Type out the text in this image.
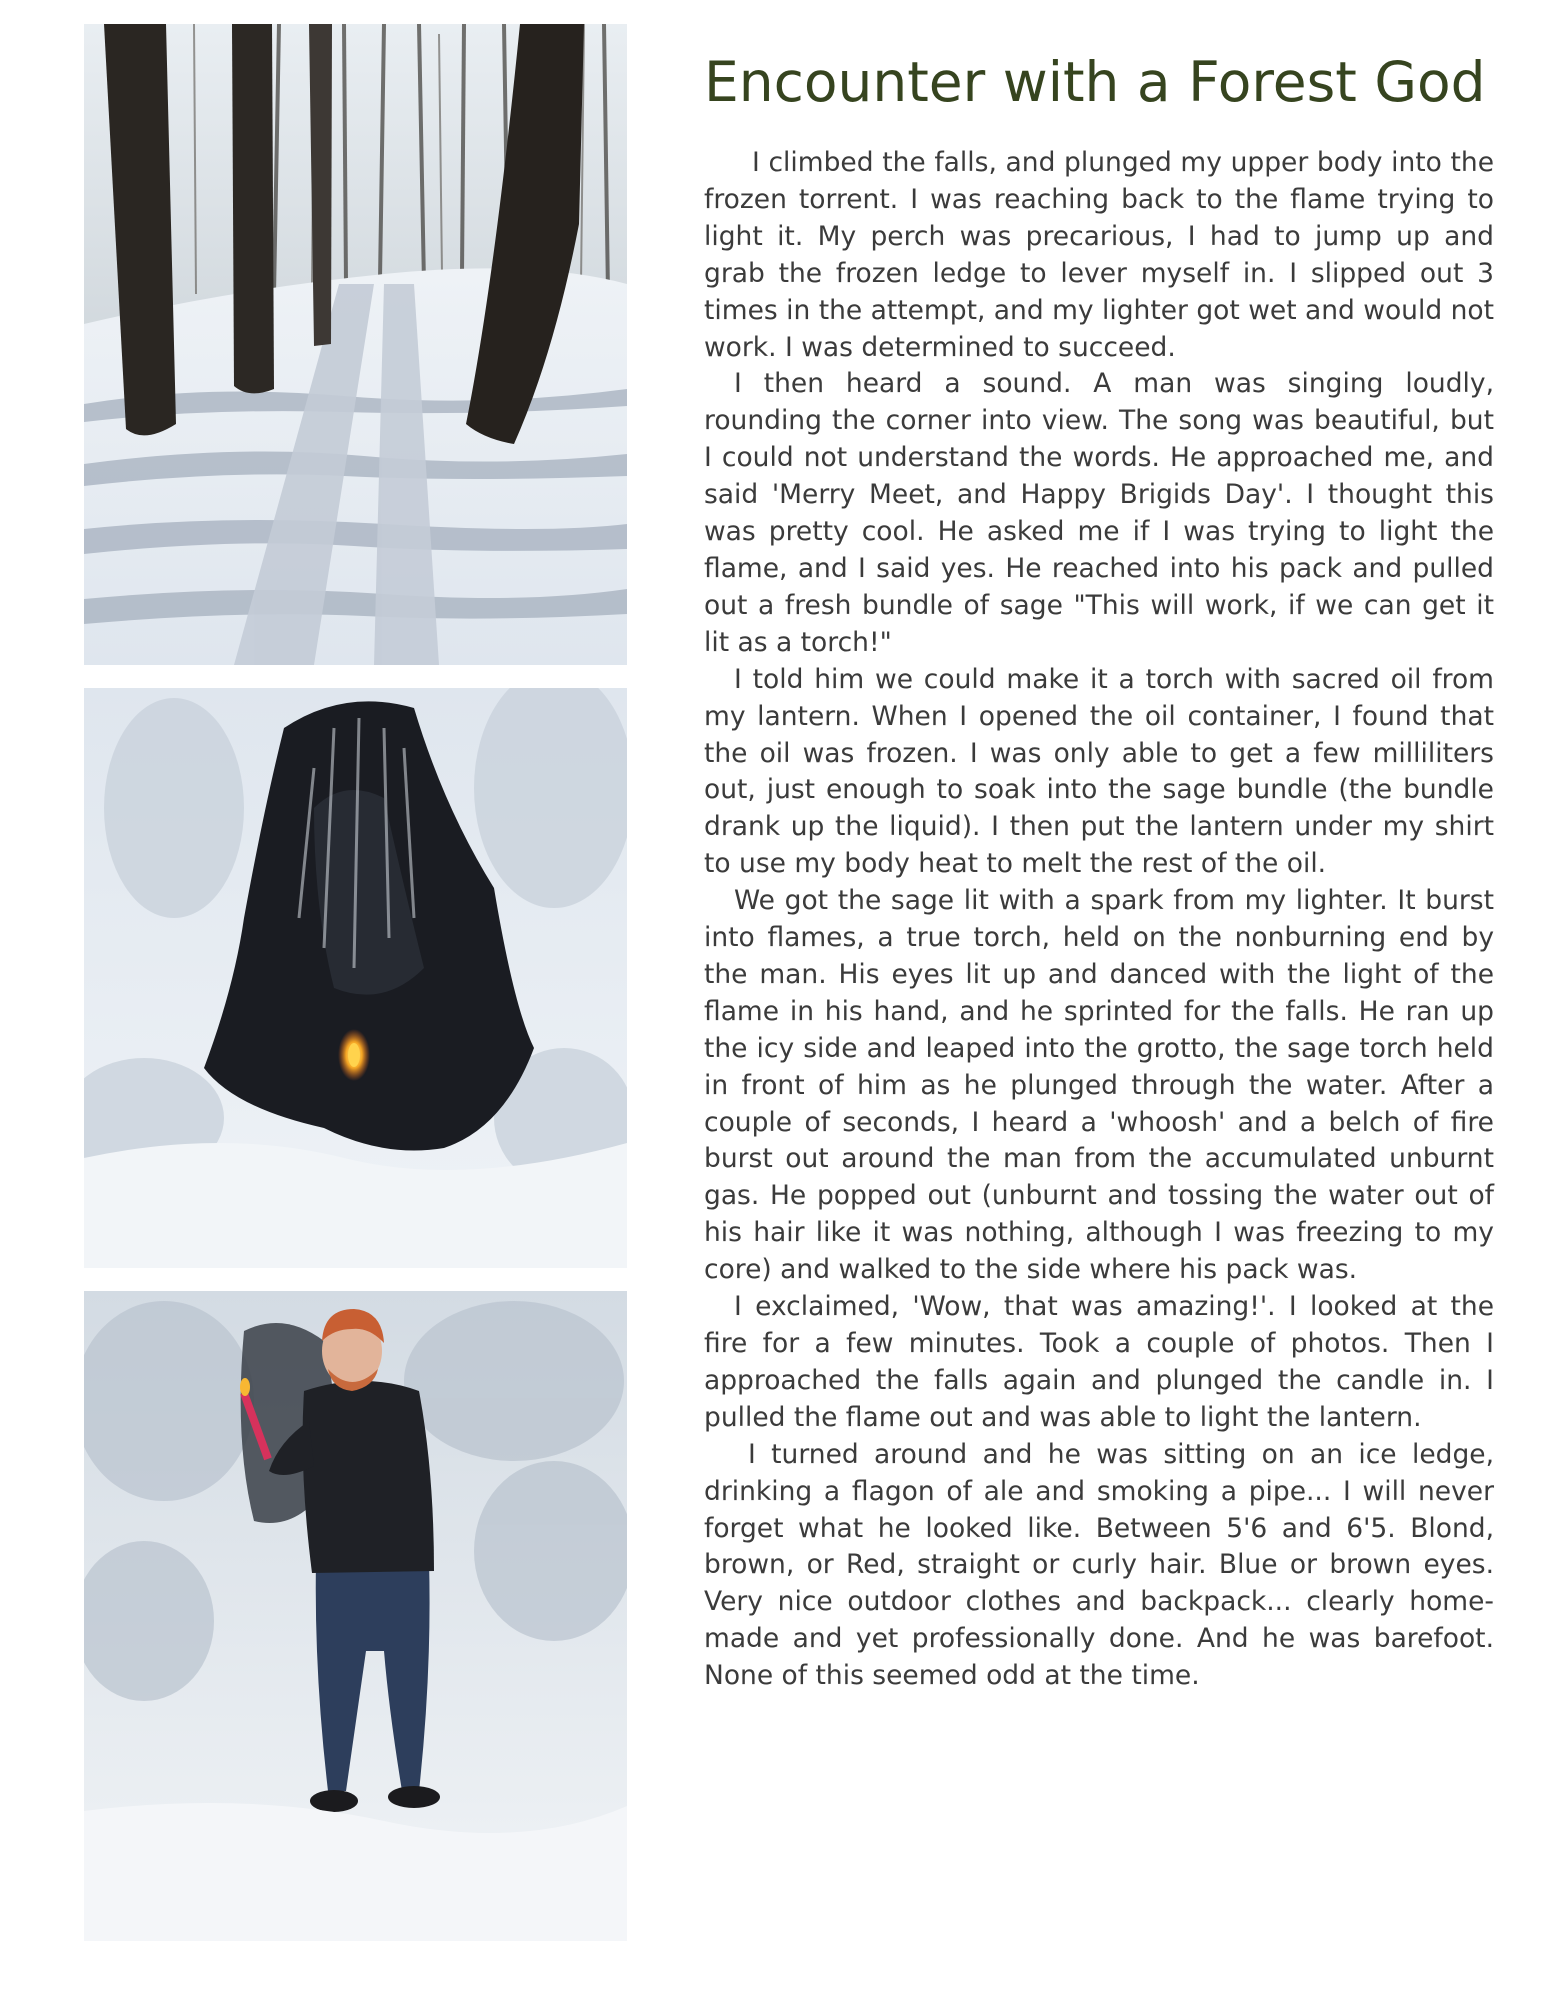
Encounter with a Forest God

I climbed the falls, and plunged my upper body into the frozen torrent. I was reaching back to the flame trying to light it. My perch was precarious, I had to jump up and grab the frozen ledge to lever myself in. I slipped out 3 times in the attempt, and my lighter got wet and would not work. I was determined to succeed.

I then heard a sound. A man was singing loudly, rounding the corner into view. The song was beautiful, but I could not understand the words. He approached me, and said 'Merry Meet, and Happy Brigids Day'. I thought this was pretty cool. He asked me if I was trying to light the flame, and I said yes. He reached into his pack and pulled out a fresh bundle of sage "This will work, if we can get it lit as a torch!"

I told him we could make it a torch with sacred oil from my lantern. When I opened the oil container, I found that the oil was frozen. I was only able to get a few milliliters out, just enough to soak into the sage bundle (the bundle drank up the liquid). I then put the lantern under my shirt to use my body heat to melt the rest of the oil.

We got the sage lit with a spark from my lighter. It burst into flames, a true torch, held on the nonburning end by the man. His eyes lit up and danced with the light of the flame in his hand, and he sprinted for the falls. He ran up the icy side and leaped into the grotto, the sage torch held in front of him as he plunged through the water. After a couple of seconds, I heard a 'whoosh' and a belch of fire burst out around the man from the accumulated unburnt gas. He popped out (unburnt and tossing the water out of his hair like it was nothing, although I was freezing to my core) and walked to the side where his pack was.

I exclaimed, 'Wow, that was amazing!'. I looked at the fire for a few minutes. Took a couple of photos. Then I approached the falls again and plunged the candle in. I pulled the flame out and was able to light the lantern.

I turned around and he was sitting on an ice ledge, drinking a flagon of ale and smoking a pipe... I will never forget what he looked like. Between 5'6 and 6'5. Blond, brown, or Red, straight or curly hair. Blue or brown eyes. Very nice outdoor clothes and backpack... clearly home-made and yet professionally done. And he was barefoot. None of this seemed odd at the time.
